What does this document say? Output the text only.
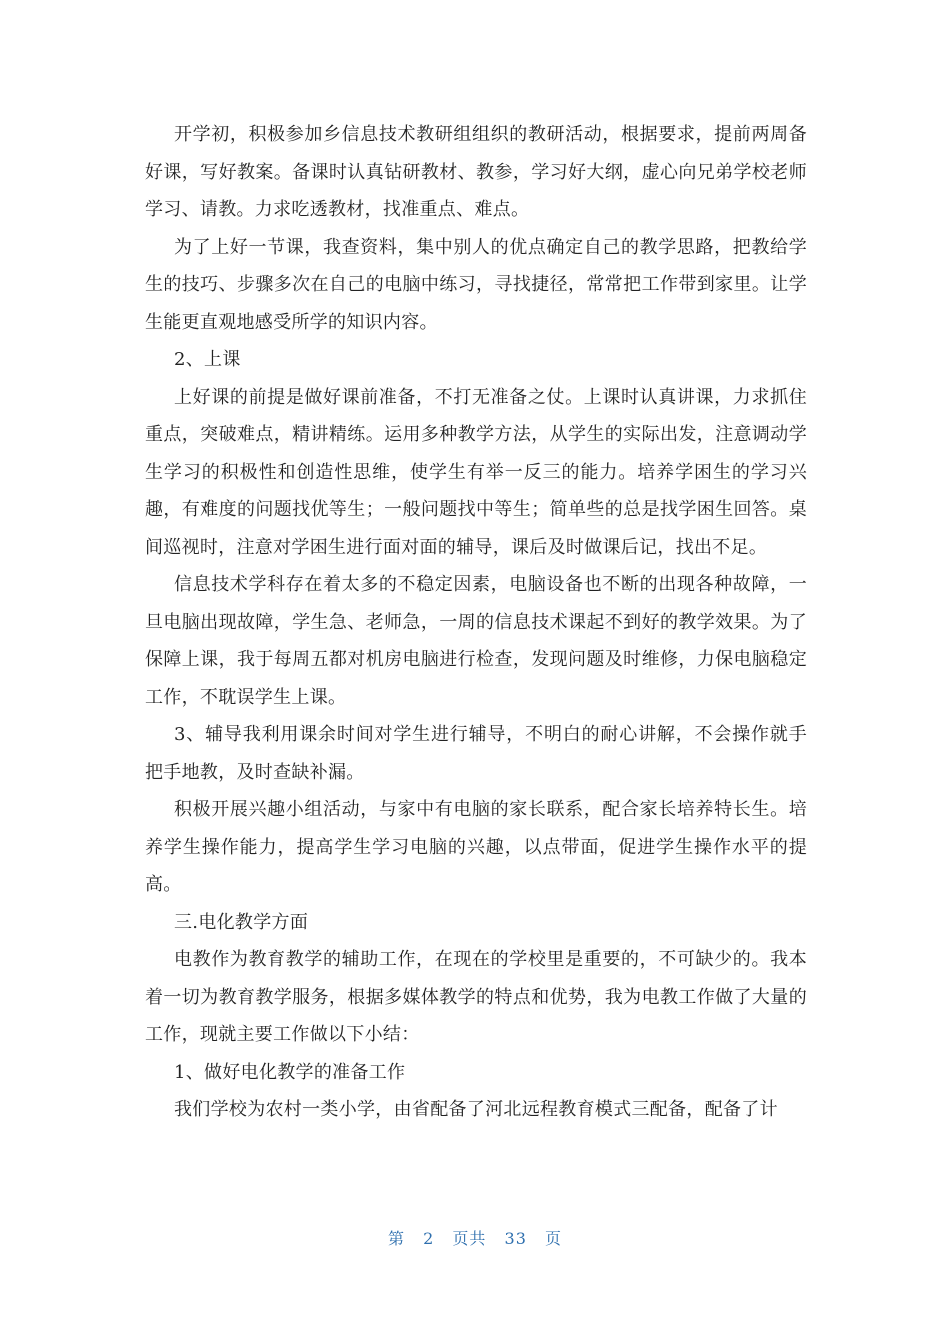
开学初，积极参加乡信息技术教研组组织的教研活动，根据要求，提前两周备好课，写好教案。备课时认真钻研教材、教参，学习好大纲，虚心向兄弟学校老师学习、请教。力求吃透教材，找准重点、难点。

为了上好一节课，我查资料，集中别人的优点确定自己的教学思路，把教给学生的技巧、步骤多次在自己的电脑中练习，寻找捷径，常常把工作带到家里。让学生能更直观地感受所学的知识内容。

2、上课

上好课的前提是做好课前准备，不打无准备之仗。上课时认真讲课，力求抓住重点，突破难点，精讲精练。运用多种教学方法，从学生的实际出发，注意调动学生学习的积极性和创造性思维，使学生有举一反三的能力。培养学困生的学习兴趣，有难度的问题找优等生；一般问题找中等生；简单些的总是找学困生回答。桌间巡视时，注意对学困生进行面对面的辅导，课后及时做课后记，找出不足。

信息技术学科存在着太多的不稳定因素，电脑设备也不断的出现各种故障，一旦电脑出现故障，学生急、老师急，一周的信息技术课起不到好的教学效果。为了保障上课，我于每周五都对机房电脑进行检查，发现问题及时维修，力保电脑稳定工作，不耽误学生上课。

3、辅导我利用课余时间对学生进行辅导，不明白的耐心讲解，不会操作就手把手地教，及时查缺补漏。

积极开展兴趣小组活动，与家中有电脑的家长联系，配合家长培养特长生。培养学生操作能力，提高学生学习电脑的兴趣，以点带面，促进学生操作水平的提高。

三.电化教学方面

电教作为教育教学的辅助工作，在现在的学校里是重要的，不可缺少的。我本着一切为教育教学服务，根据多媒体教学的特点和优势，我为电教工作做了大量的工作，现就主要工作做以下小结：

1、做好电化教学的准备工作

我们学校为农村一类小学，由省配备了河北远程教育模式三配备，配备了计

第 2 页共 33 页
